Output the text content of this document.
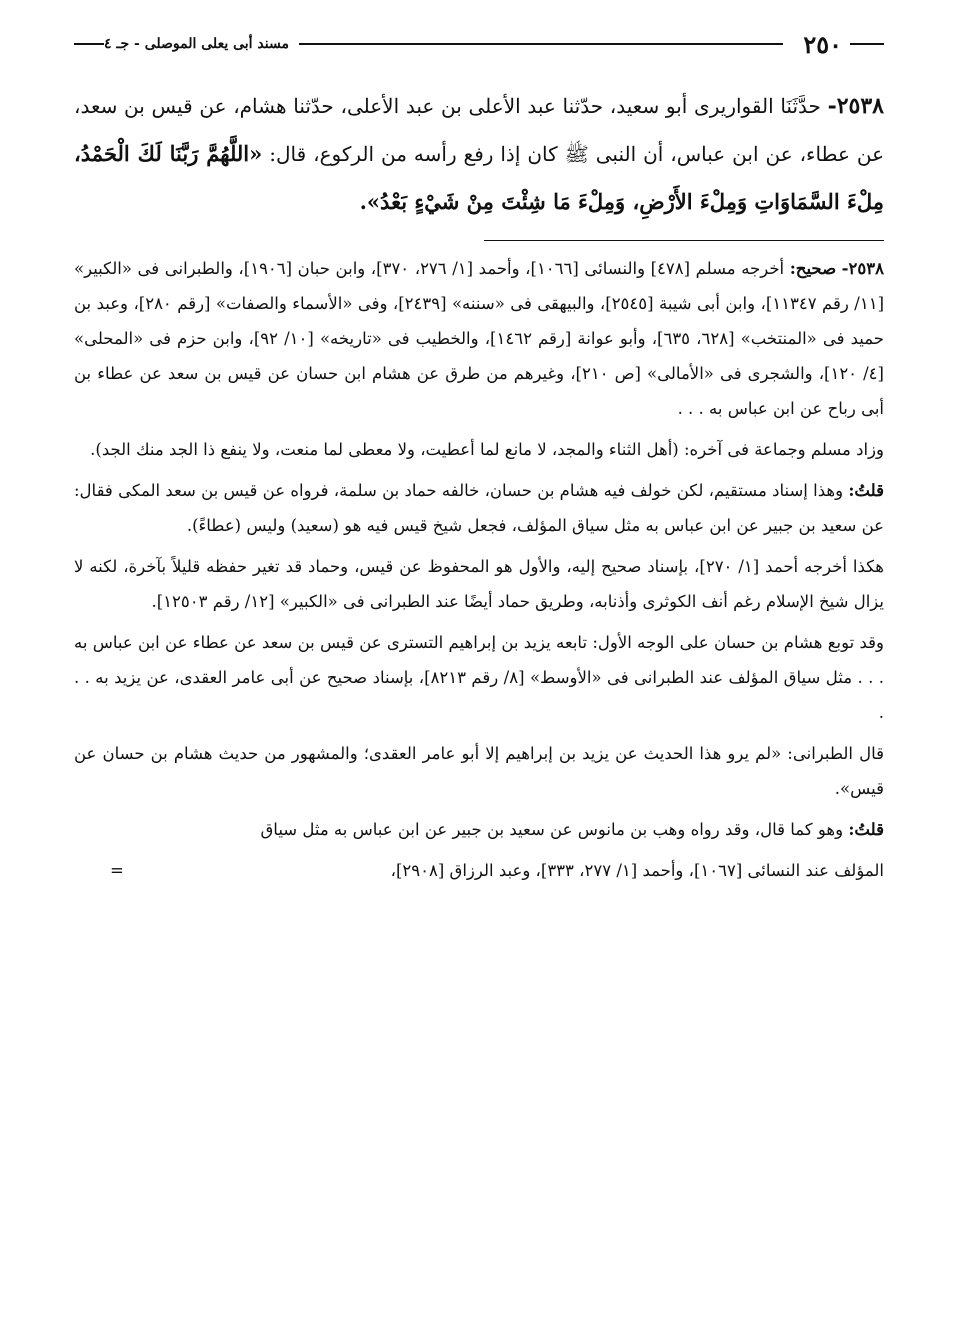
٢٥٠
مسند أبى يعلى الموصلى - جـ ٤
٢٥٣٨- حدَّثَنَا القواريرى أبو سعيد، حدّثنا عبد الأعلى بن عبد الأعلى، حدّثنا هشام، عن قيس بن سعد، عن عطاء، عن ابن عباس، أن النبى ﷺ كان إذا رفع رأسه من الركوع، قال: «اللَّهُمَّ رَبَّنَا لَكَ الْحَمْدُ، مِلْءَ السَّمَاوَاتِ وَمِلْءَ الأَرْضِ، وَمِلْءَ مَا شِئْتَ مِنْ شَيْءٍ بَعْدُ».

٢٥٣٨- صحيح: أخرجه مسلم [٤٧٨] والنسائى [١٠٦٦]، وأحمد [١/ ٢٧٦، ٣٧٠]، وابن حبان [١٩٠٦]، والطبرانى فى «الكبير» [١١/ رقم ١١٣٤٧]، وابن أبى شيبة [٢٥٤٥]، والبيهقى فى «سننه» [٢٤٣٩]، وفى «الأسماء والصفات» [رقم ٢٨٠]، وعبد بن حميد فى «المنتخب» [٦٢٨، ٦٣٥]، وأبو عوانة [رقم ١٤٦٢]، والخطيب فى «تاريخه» [١٠/ ٩٢]، وابن حزم فى «المحلى» [٤/ ١٢٠]، والشجرى فى «الأمالى» [ص ٢١٠]، وغيرهم من طرق عن هشام ابن حسان عن قيس بن سعد عن عطاء بن أبى رباح عن ابن عباس به . . .

وزاد مسلم وجماعة فى آخره: (أهل الثناء والمجد، لا مانع لما أعطيت، ولا معطى لما منعت، ولا ينفع ذا الجد منك الجد).

قلتُ: وهذا إسناد مستقيم، لكن خولف فيه هشام بن حسان، خالفه حماد بن سلمة، فرواه عن قيس بن سعد المكى فقال: عن سعيد بن جبير عن ابن عباس به مثل سياق المؤلف، فجعل شيخ قيس فيه هو (سعيد) وليس (عطاءً).

هكذا أخرجه أحمد [١/ ٢٧٠]، بإسناد صحيح إليه، والأول هو المحفوظ عن قيس، وحماد قد تغير حفظه قليلاً بآخرة، لكنه لا يزال شيخ الإسلام رغم أنف الكوثرى وأذنابه، وطريق حماد أيضًا عند الطبرانى فى «الكبير» [١٢/ رقم ١٢٥٠٣].

وقد توبع هشام بن حسان على الوجه الأول: تابعه يزيد بن إبراهيم التسترى عن قيس بن سعد عن عطاء عن ابن عباس به . . . مثل سياق المؤلف عند الطبرانى فى «الأوسط» [٨/ رقم ٨٢١٣]، بإسناد صحيح عن أبى عامر العقدى، عن يزيد به . . .

قال الطبرانى: «لم يرو هذا الحديث عن يزيد بن إبراهيم إلا أبو عامر العقدى؛ والمشهور من حديث هشام بن حسان عن قيس».

قلتُ: وهو كما قال، وقد رواه وهب بن مانوس عن سعيد بن جبير عن ابن عباس به مثل سياق

المؤلف عند النسائى [١٠٦٧]، وأحمد [١/ ٢٧٧، ٣٣٣]، وعبد الرزاق [٢٩٠٨]،
=
